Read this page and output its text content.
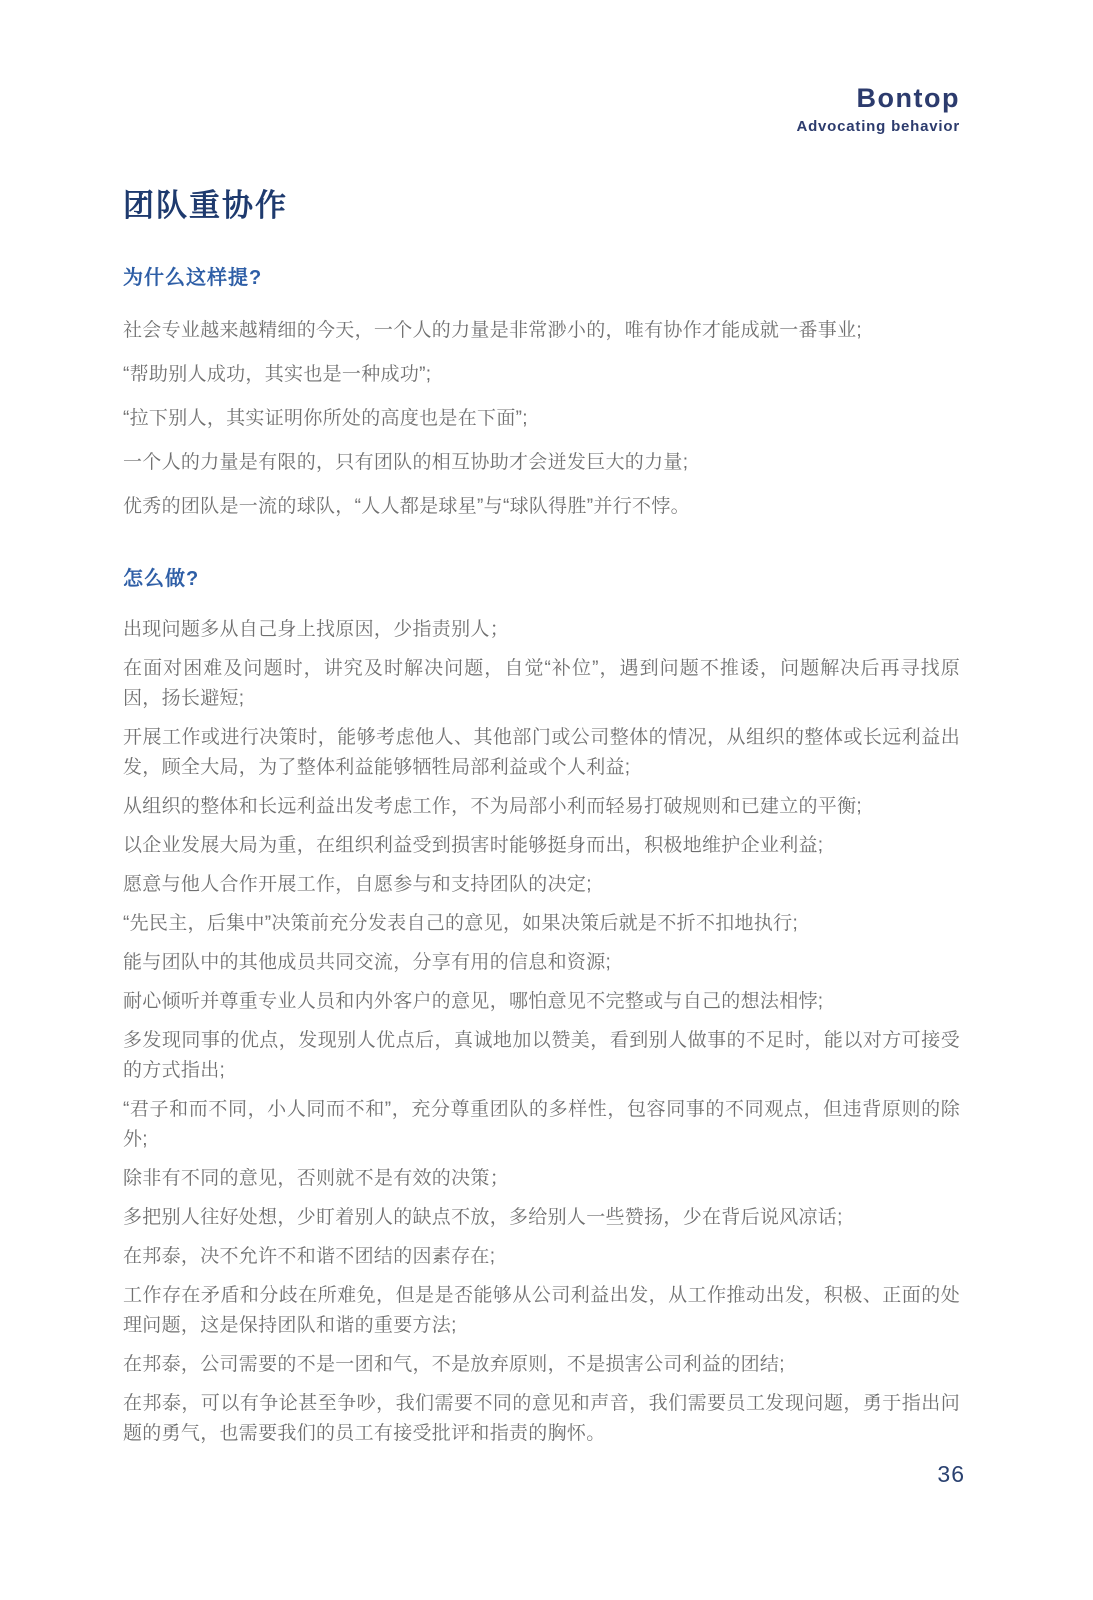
Bontop
Advocating behavior
团队重协作
为什么这样提?

社会专业越来越精细的今天，一个人的力量是非常渺小的，唯有协作才能成就一番事业;

“帮助别人成功，其实也是一种成功”;

“拉下别人，其实证明你所处的高度也是在下面”;

一个人的力量是有限的，只有团队的相互协助才会迸发巨大的力量;

优秀的团队是一流的球队，“人人都是球星”与“球队得胜”并行不悖。

怎么做?

出现问题多从自己身上找原因，少指责别人；

在面对困难及问题时，讲究及时解决问题，自觉“补位”，遇到问题不推诿，问题解决后再寻找原因，扬长避短;

开展工作或进行决策时，能够考虑他人、其他部门或公司整体的情况，从组织的整体或长远利益出发，顾全大局，为了整体利益能够牺牲局部利益或个人利益;

从组织的整体和长远利益出发考虑工作，不为局部小利而轻易打破规则和已建立的平衡;

以企业发展大局为重，在组织利益受到损害时能够挺身而出，积极地维护企业利益;

愿意与他人合作开展工作，自愿参与和支持团队的决定;

“先民主，后集中”决策前充分发表自己的意见，如果决策后就是不折不扣地执行;

能与团队中的其他成员共同交流，分享有用的信息和资源;

耐心倾听并尊重专业人员和内外客户的意见，哪怕意见不完整或与自己的想法相悖;

多发现同事的优点，发现别人优点后，真诚地加以赞美，看到别人做事的不足时，能以对方可接受的方式指出;

“君子和而不同，小人同而不和”，充分尊重团队的多样性，包容同事的不同观点，但违背原则的除外;

除非有不同的意见，否则就不是有效的决策；

多把别人往好处想，少盯着别人的缺点不放，多给别人一些赞扬，少在背后说风凉话;

在邦泰，决不允许不和谐不团结的因素存在;

工作存在矛盾和分歧在所难免，但是是否能够从公司利益出发，从工作推动出发，积极、正面的处理问题，这是保持团队和谐的重要方法;

在邦泰，公司需要的不是一团和气，不是放弃原则，不是损害公司利益的团结;

在邦泰，可以有争论甚至争吵，我们需要不同的意见和声音，我们需要员工发现问题，勇于指出问题的勇气，也需要我们的员工有接受批评和指责的胸怀。

36
